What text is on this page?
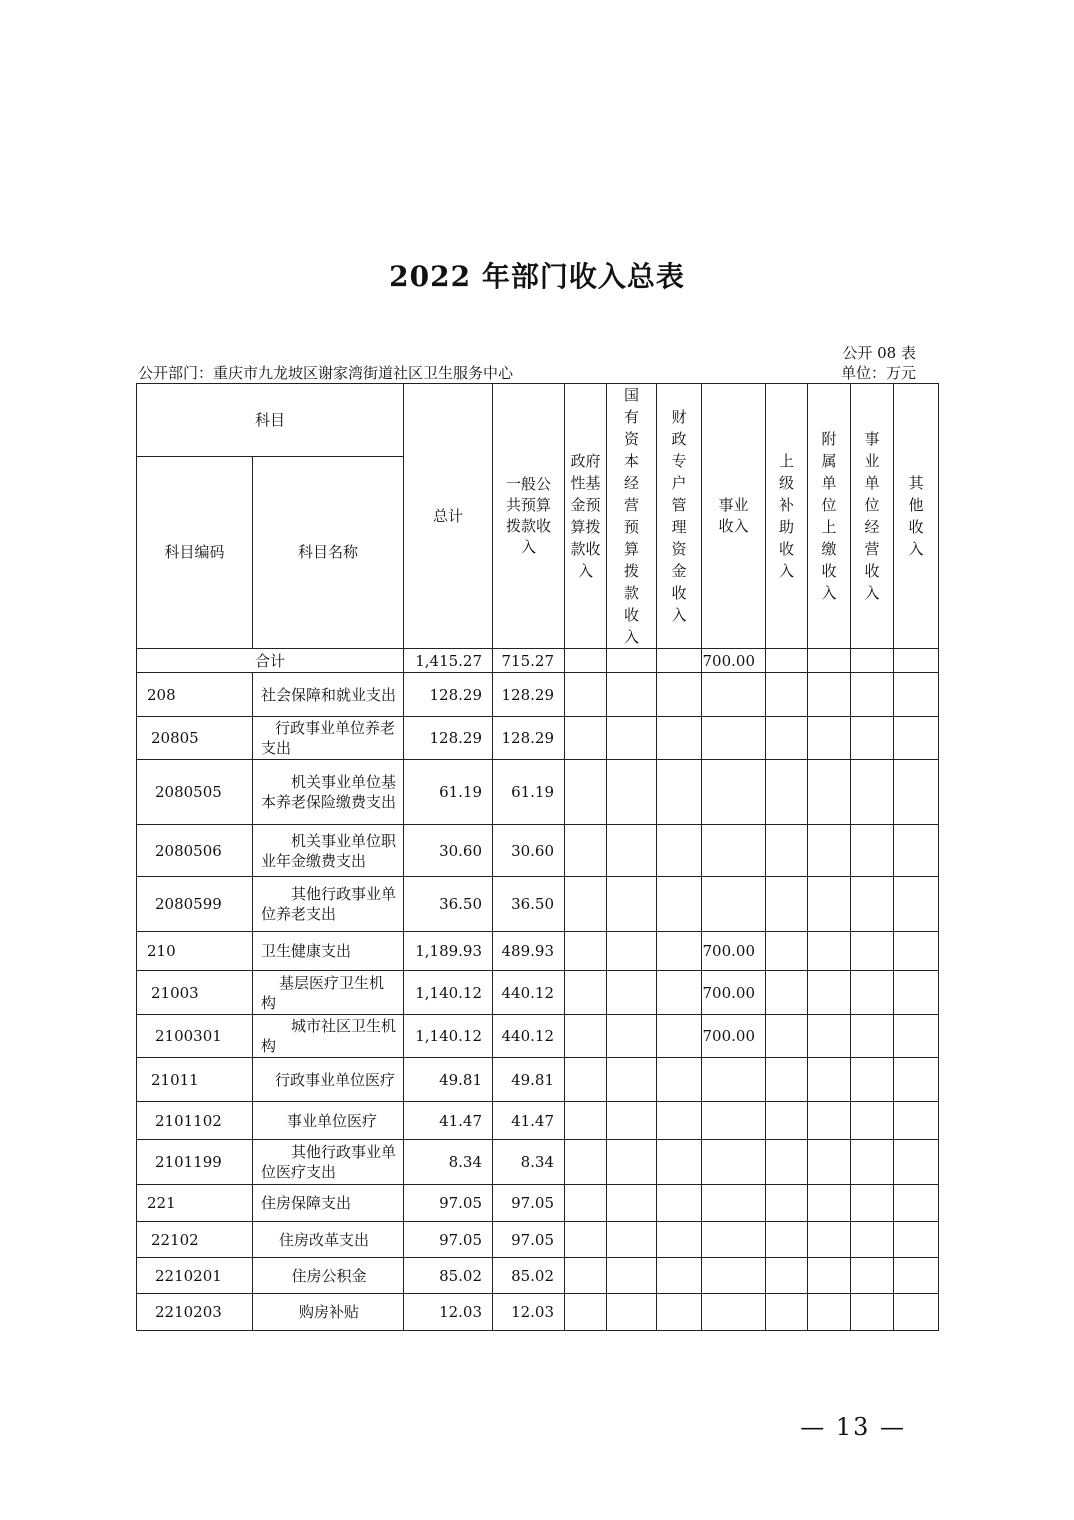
2022 年部门收入总表
公开 08 表
公开部门：重庆市九龙坡区谢家湾街道社区卫生服务中心	单位：万元
科目		总计	一般公共预算拨款收入	政府性基金预算拨款收入	国有资本经营预算拨款收入	财政专户管理资金收入	事业收入	上级补助收入	附属单位上缴收入	事业单位经营收入	其他收入
科目编码	科目名称										
合计		1,415.27	715.27				700.00				
208	社会保障和就业支出	128.29	128.29								
20805	行政事业单位养老支出	128.29	128.29								
2080505	机关事业单位基本养老保险缴费支出	61.19	61.19								
2080506	机关事业单位职业年金缴费支出	30.60	30.60								
2080599	其他行政事业单位养老支出	36.50	36.50								
210	卫生健康支出	1,189.93	489.93				700.00				
21003	基层医疗卫生机构	1,140.12	440.12				700.00				
2100301	城市社区卫生机构	1,140.12	440.12				700.00				
21011	行政事业单位医疗	49.81	49.81								
2101102	事业单位医疗	41.47	41.47								
2101199	其他行政事业单位医疗支出	8.34	8.34								
221	住房保障支出	97.05	97.05								
22102	住房改革支出	97.05	97.05								
2210201	住房公积金	85.02	85.02								
2210203	购房补贴	12.03	12.03								
— 13 —
